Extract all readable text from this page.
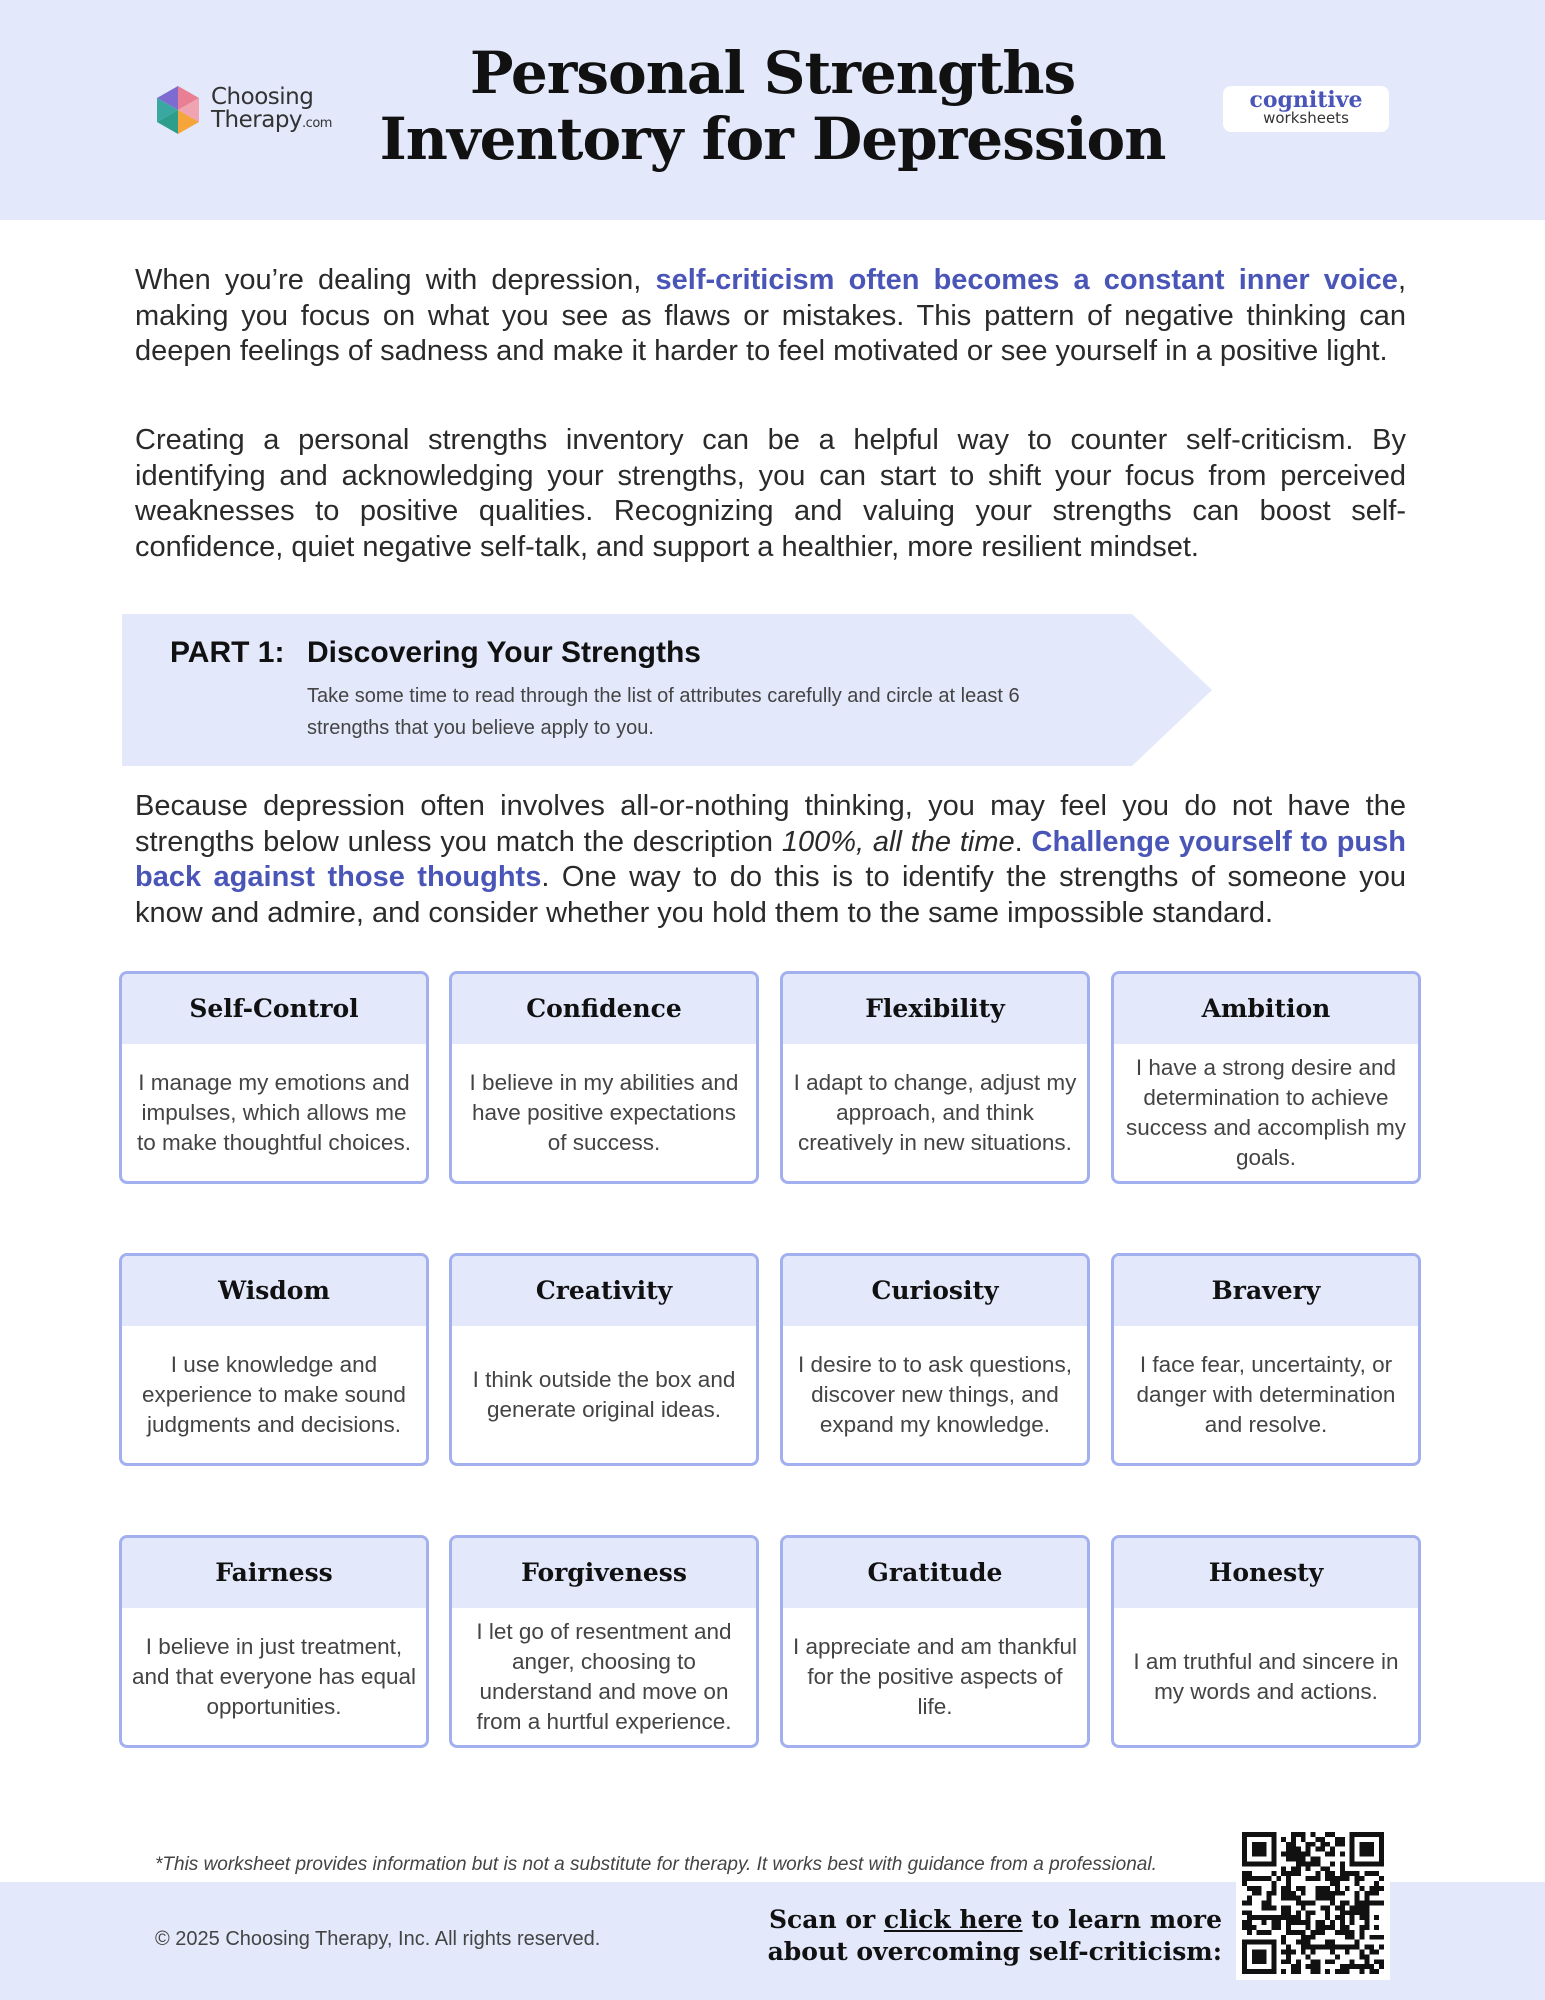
Choosing
Therapy.com
Personal Strengths
Inventory for Depression
cognitive
worksheets

When you’re dealing with depression, self-criticism often becomes a constant inner voice, making you focus on what you see as flaws or mistakes. This pattern of negative thinking can deepen feelings of sadness and make it harder to feel motivated or see yourself in a positive light.

Creating a personal strengths inventory can be a helpful way to counter self-criticism. By identifying and acknowledging your strengths, you can start to shift your focus from perceived weaknesses to positive qualities. Recognizing and valuing your strengths can boost self-confidence, quiet negative self-talk, and support a healthier, more resilient mindset.

PART 1: Discovering Your Strengths
Take some time to read through the list of attributes carefully and circle at least 6 strengths that you believe apply to you.

Because depression often involves all-or-nothing thinking, you may feel you do not have the strengths below unless you match the description 100%, all the time. Challenge yourself to push back against those thoughts. One way to do this is to identify the strengths of someone you know and admire, and consider whether you hold them to the same impossible standard.

Self-Control
I manage my emotions and impulses, which allows me to make thoughtful choices.
Confidence
I believe in my abilities and have positive expectations of success.
Flexibility
I adapt to change, adjust my approach, and think creatively in new situations.
Ambition
I have a strong desire and determination to achieve success and accomplish my goals.
Wisdom
I use knowledge and experience to make sound judgments and decisions.
Creativity
I think outside the box and generate original ideas.
Curiosity
I desire to to ask questions, discover new things, and expand my knowledge.
Bravery
I face fear, uncertainty, or danger with determination and resolve.
Fairness
I believe in just treatment, and that everyone has equal opportunities.
Forgiveness
I let go of resentment and anger, choosing to understand and move on from a hurtful experience.
Gratitude
I appreciate and am thankful for the positive aspects of life.
Honesty
I am truthful and sincere in my words and actions.
*This worksheet provides information but is not a substitute for therapy. It works best with guidance from a professional.
© 2025 Choosing Therapy, Inc. All rights reserved.
Scan or click here to learn more
about overcoming self-criticism:
